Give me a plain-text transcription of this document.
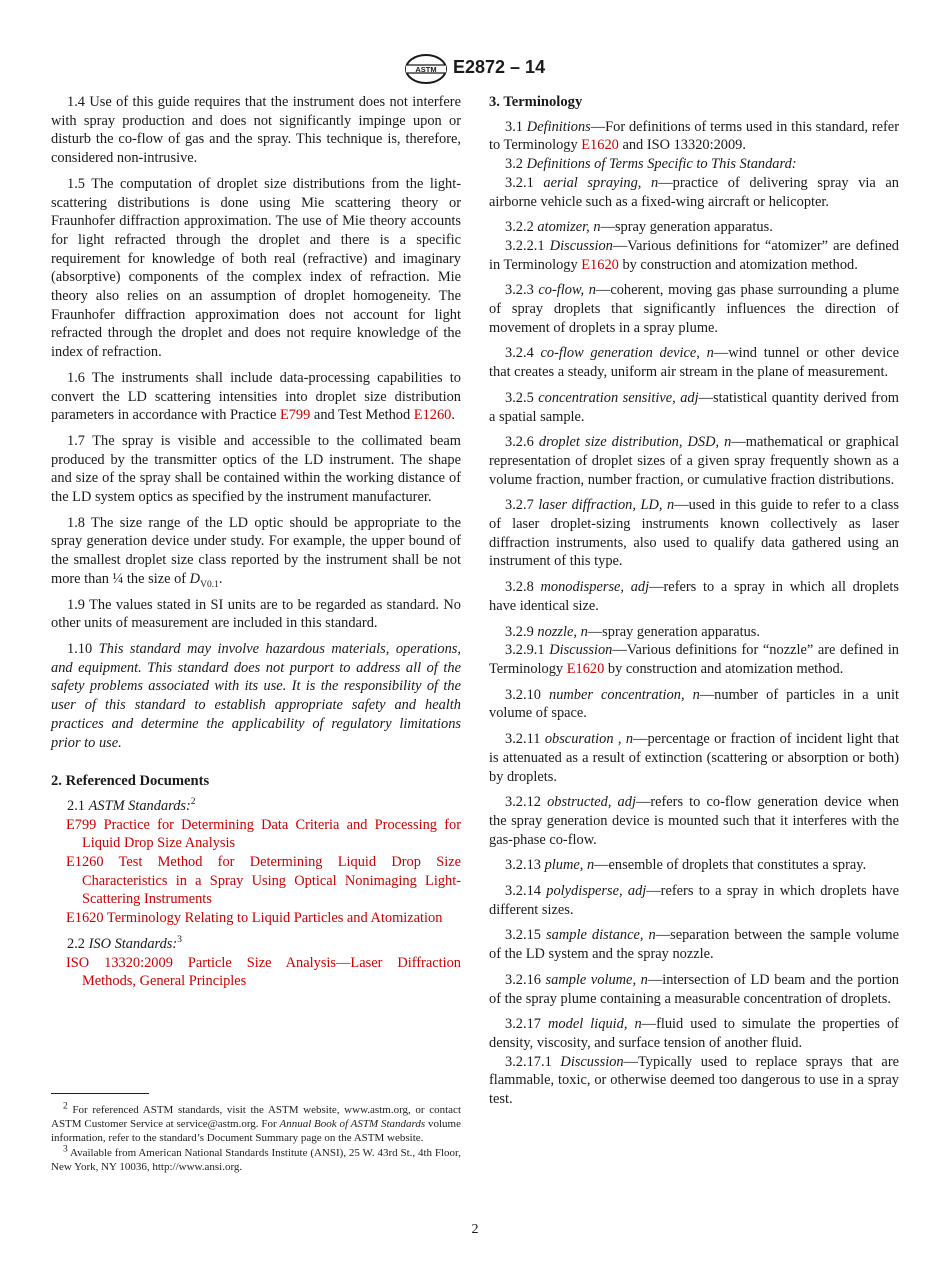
ASTM E2872 – 14

1.4 Use of this guide requires that the instrument does not interfere with spray production and does not significantly impinge upon or disturb the co-flow of gas and the spray. This technique is, therefore, considered non-intrusive.

1.5 The computation of droplet size distributions from the light-scattering distributions is done using Mie scattering theory or Fraunhofer diffraction approximation. The use of Mie theory accounts for light refracted through the droplet and there is a specific requirement for knowledge of both real (refractive) and imaginary (absorptive) components of the complex index of refraction. Mie theory also relies on an assumption of droplet homogeneity. The Fraunhofer diffraction approximation does not account for light refracted through the droplet and does not require knowledge of the index of refraction.

1.6 The instruments shall include data-processing capabilities to convert the LD scattering intensities into droplet size distribution parameters in accordance with Practice E799 and Test Method E1260.

1.7 The spray is visible and accessible to the collimated beam produced by the transmitter optics of the LD instrument. The shape and size of the spray shall be contained within the working distance of the LD system optics as specified by the instrument manufacturer.

1.8 The size range of the LD optic should be appropriate to the spray generation device under study. For example, the upper bound of the smallest droplet size class reported by the instrument shall be not more than ¼ the size of $D_{V0.1}$.

1.9 The values stated in SI units are to be regarded as standard. No other units of measurement are included in this standard.

1.10 This standard may involve hazardous materials, operations, and equipment. This standard does not purport to address all of the safety problems associated with its use. It is the responsibility of the user of this standard to establish appropriate safety and health practices and determine the applicability of regulatory limitations prior to use.

2. Referenced Documents

2.1 ASTM Standards:$^2$

E799 Practice for Determining Data Criteria and Processing for Liquid Drop Size Analysis

E1260 Test Method for Determining Liquid Drop Size Characteristics in a Spray Using Optical Nonimaging Light-Scattering Instruments

E1620 Terminology Relating to Liquid Particles and Atomization

2.2 ISO Standards:$^3$

ISO 13320:2009 Particle Size Analysis—Laser Diffraction Methods, General Principles

$^2$ For referenced ASTM standards, visit the ASTM website, www.astm.org, or contact ASTM Customer Service at service@astm.org. For Annual Book of ASTM Standards volume information, refer to the standard’s Document Summary page on the ASTM website.

$^3$ Available from American National Standards Institute (ANSI), 25 W. 43rd St., 4th Floor, New York, NY 10036, http://www.ansi.org.

3. Terminology

3.1 Definitions—For definitions of terms used in this standard, refer to Terminology E1620 and ISO 13320:2009.

3.2 Definitions of Terms Specific to This Standard:

3.2.1 aerial spraying, n—practice of delivering spray via an airborne vehicle such as a fixed-wing aircraft or helicopter.

3.2.2 atomizer, n—spray generation apparatus.

3.2.2.1 Discussion—Various definitions for “atomizer” are defined in Terminology E1620 by construction and atomization method.

3.2.3 co-flow, n—coherent, moving gas phase surrounding a plume of spray droplets that significantly influences the direction of movement of droplets in a spray plume.

3.2.4 co-flow generation device, n—wind tunnel or other device that creates a steady, uniform air stream in the plane of measurement.

3.2.5 concentration sensitive, adj—statistical quantity derived from a spatial sample.

3.2.6 droplet size distribution, DSD, n—mathematical or graphical representation of droplet sizes of a given spray frequently shown as a volume fraction, number fraction, or cumulative fraction distributions.

3.2.7 laser diffraction, LD, n—used in this guide to refer to a class of laser droplet-sizing instruments known collectively as laser diffraction instruments, also used to qualify data gathered using an instrument of this type.

3.2.8 monodisperse, adj—refers to a spray in which all droplets have identical size.

3.2.9 nozzle, n—spray generation apparatus.

3.2.9.1 Discussion—Various definitions for “nozzle” are defined in Terminology E1620 by construction and atomization method.

3.2.10 number concentration, n—number of particles in a unit volume of space.

3.2.11 obscuration , n—percentage or fraction of incident light that is attenuated as a result of extinction (scattering or absorption or both) by droplets.

3.2.12 obstructed, adj—refers to co-flow generation device when the spray generation device is mounted such that it interferes with the gas-phase co-flow.

3.2.13 plume, n—ensemble of droplets that constitutes a spray.

3.2.14 polydisperse, adj—refers to a spray in which droplets have different sizes.

3.2.15 sample distance, n—separation between the sample volume of the LD system and the spray nozzle.

3.2.16 sample volume, n—intersection of LD beam and the portion of the spray plume containing a measurable concentration of droplets.

3.2.17 model liquid, n—fluid used to simulate the properties of density, viscosity, and surface tension of another fluid.

3.2.17.1 Discussion—Typically used to replace sprays that are flammable, toxic, or otherwise deemed too dangerous to use in a spray test.

2
